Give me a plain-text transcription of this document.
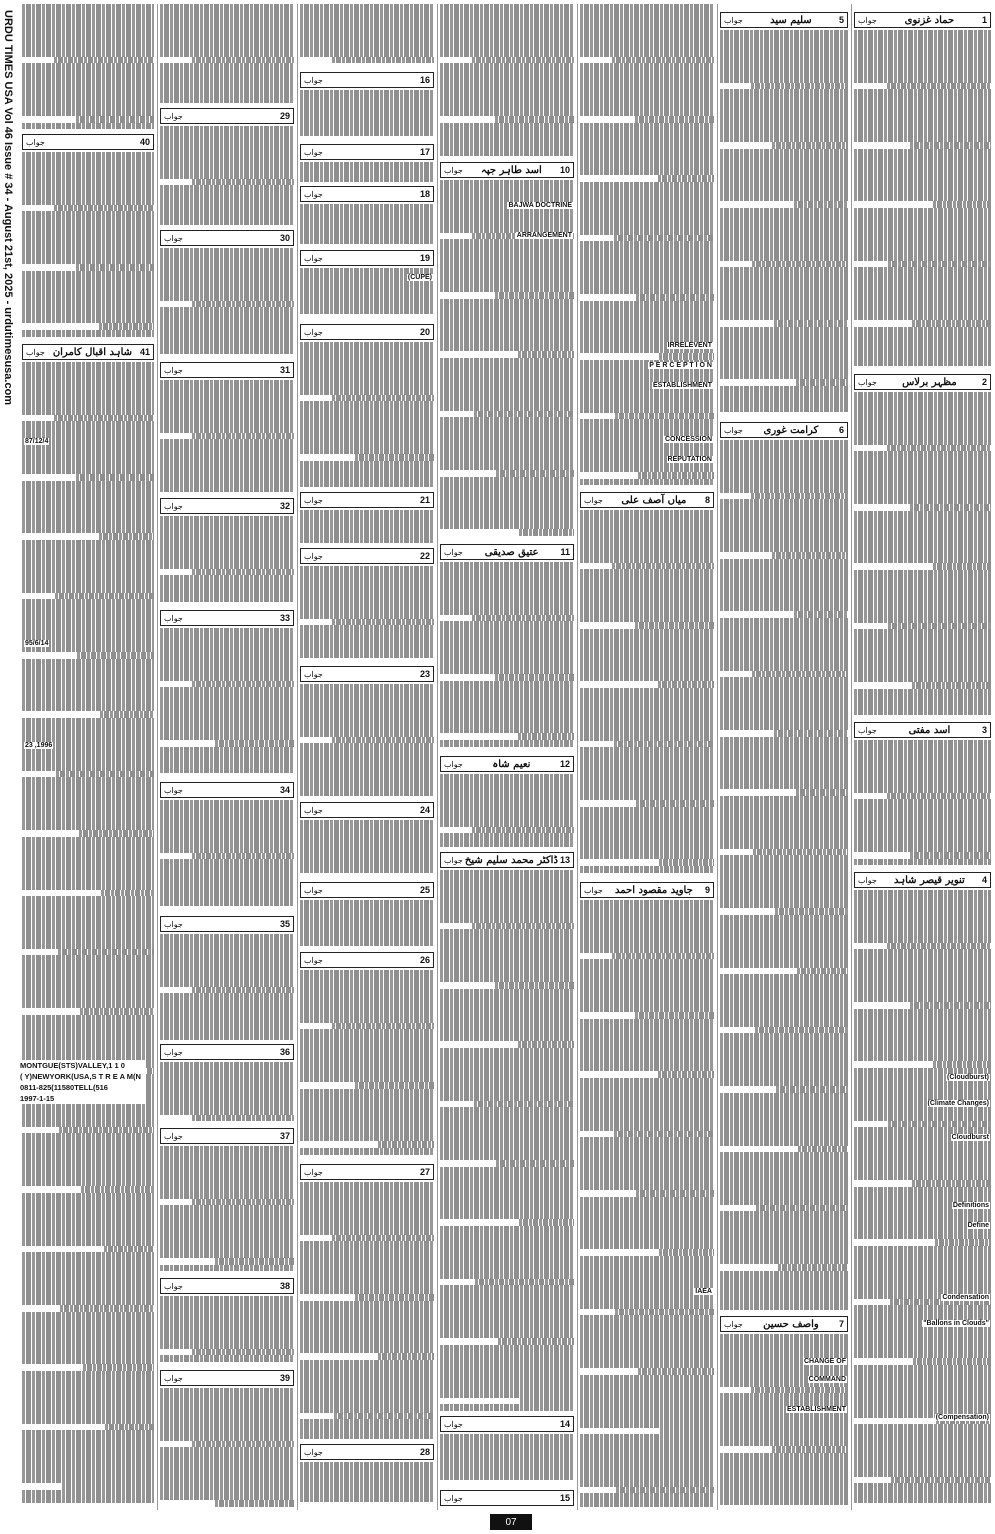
URDU TIMES USA Vol 46 Issue # 34 - August 21st, 2025 - urdutimesusa.com	جواب	حماد غزنوی	1
جواب	مظہر برلاس	2
جواب	اسد مفتی	3
جواب تنویر قیصر شاہد 4
(Cloudburst)
(Climate Changes)
Cloudburst
Definitions
Define
Condensation
"Ballons in Clouds"
(Compensation)
جواب	سلیم سید	5
جواب کرامت غوری 6
جواب واصف حسین 7
CHANGE OF
COMMAND
ESTABLISHMENT
جواب میاں آصف علی 8
جواب جاوید مقصود احمد 9
IRRELEVENT
P E R C E P T I O N
ESTABLISHMENT
CONCESSION
REPUTATION
IAEA
جواب اسد طاہر جپہ 10
جواب عتیق صدیقی 11
جواب	نعیم شاہ	12
جواب ڈاکٹر محمد سلیم شیخ 13
جواب	14
جواب	15
BAJWA DOCTRINE
ARRANGEMENT
جواب	16
جواب	17
جواب	18
جواب	19
جواب	20
جواب	21
جواب	22
جواب	23
جواب	24
جواب	25
جواب	26
جواب	27
جواب	28
(CUPE)
جواب	29
جواب	30
جواب	31
جواب	32
جواب	33
جواب	34
جواب	35
جواب	36
جواب	37
جواب	38
جواب	39
جواب	40
جواب شاہد اقبال کامران 41
87/12/4
95/6/14
23 ,1996
MONTGUE(STS)VALLEY,1 1 0
( Y)NEWYORK(USA,S T R E A M(N
0811-825(11580TELL(516
1997-1-15
07
